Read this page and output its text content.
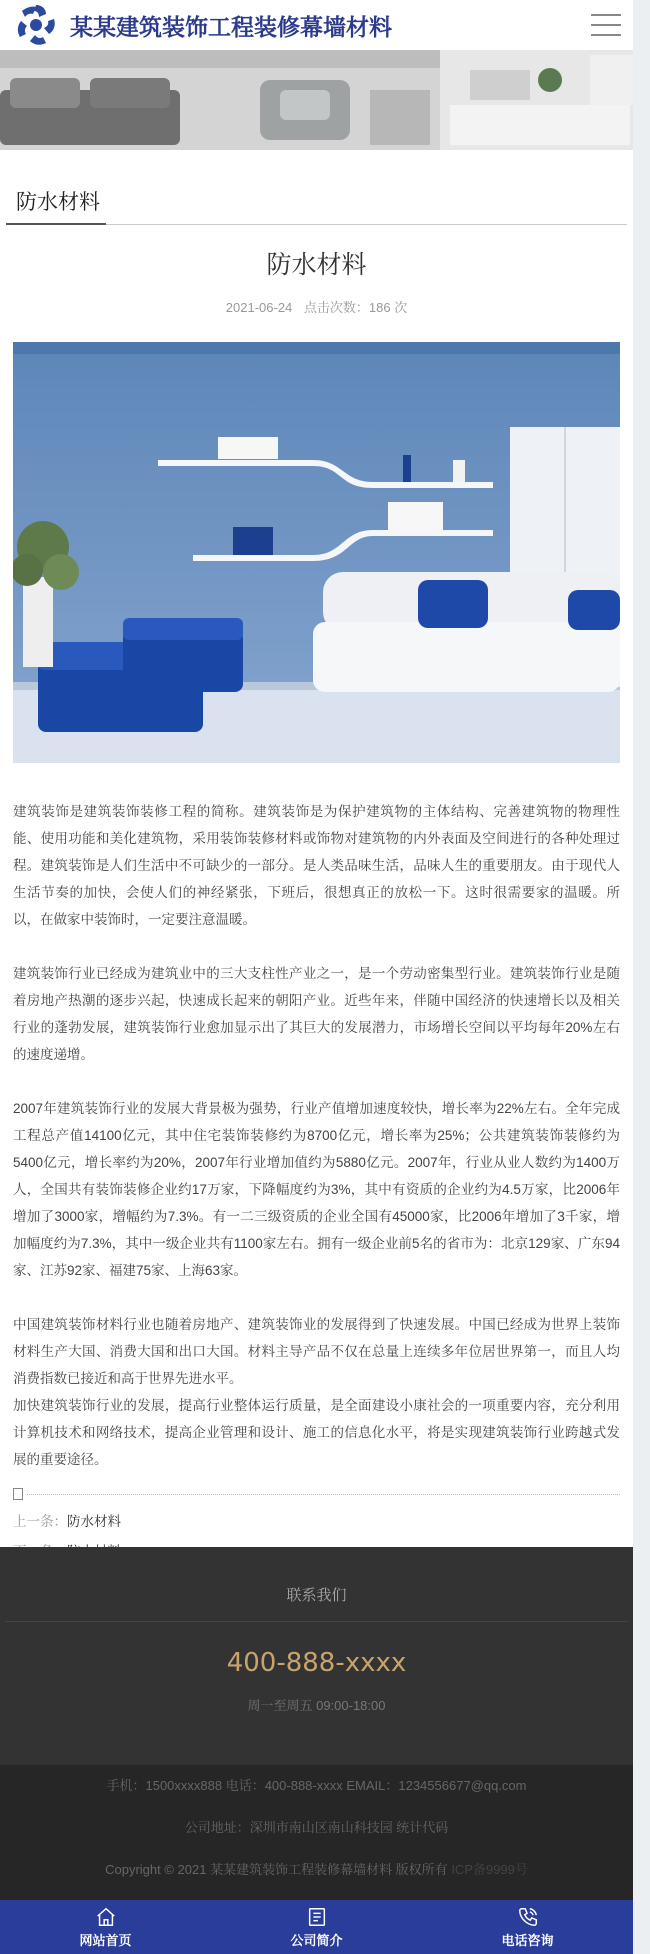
某某建筑装饰工程装修幕墙材料
防水材料
防水材料
2021-06-24 点击次数：186 次

建筑装饰是建筑装饰装修工程的简称。建筑装饰是为保护建筑物的主体结构、完善建筑物的物理性能、使用功能和美化建筑物，采用装饰装修材料或饰物对建筑物的内外表面及空间进行的各种处理过程。建筑装饰是人们生活中不可缺少的一部分。是人类品味生活，品味人生的重要朋友。由于现代人生活节奏的加快，会使人们的神经紧张，下班后，很想真正的放松一下。这时很需要家的温暖。所以，在做家中装饰时，一定要注意温暖。

建筑装饰行业已经成为建筑业中的三大支柱性产业之一，是一个劳动密集型行业。建筑装饰行业是随着房地产热潮的逐步兴起，快速成长起来的朝阳产业。近些年来，伴随中国经济的快速增长以及相关行业的蓬勃发展，建筑装饰行业愈加显示出了其巨大的发展潜力，市场增长空间以平均每年20%左右的速度递增。

2007年建筑装饰行业的发展大背景极为强势，行业产值增加速度较快，增长率为22%左右。全年完成工程总产值14100亿元，其中住宅装饰装修约为8700亿元，增长率为25%；公共建筑装饰装修约为5400亿元，增长率约为20%，2007年行业增加值约为5880亿元。2007年，行业从业人数约为1400万人，全国共有装饰装修企业约17万家，下降幅度约为3%，其中有资质的企业约为4.5万家，比2006年增加了3000家，增幅约为7.3%。有一二三级资质的企业全国有45000家，比2006年增加了3千家，增加幅度约为7.3%，其中一级企业共有1100家左右。拥有一级企业前5名的省市为：北京129家、广东94家、江苏92家、福建75家、上海63家。

中国建筑装饰材料行业也随着房地产、建筑装饰业的发展得到了快速发展。中国已经成为世界上装饰材料生产大国、消费大国和出口大国。材料主导产品不仅在总量上连续多年位居世界第一，而且人均消费指数已接近和高于世界先进水平。

加快建筑装饰行业的发展，提高行业整体运行质量，是全面建设小康社会的一项重要内容，充分利用计算机技术和网络技术，提高企业管理和设计、施工的信息化水平，将是实现建筑装饰行业跨越式发展的重要途径。

上一条：防水材料
联系我们
400-888-xxxx
周一至周五 09:00-18:00
手机：1500xxxx888 电话：400-888-xxxx EMAIL：1234556677@qq.com
公司地址：深圳市南山区南山科技园 统计代码
Copyright © 2021 某某建筑装饰工程装修幕墙材料 版权所有 ICP备9999号
网站首页	公司简介	电话咨询
